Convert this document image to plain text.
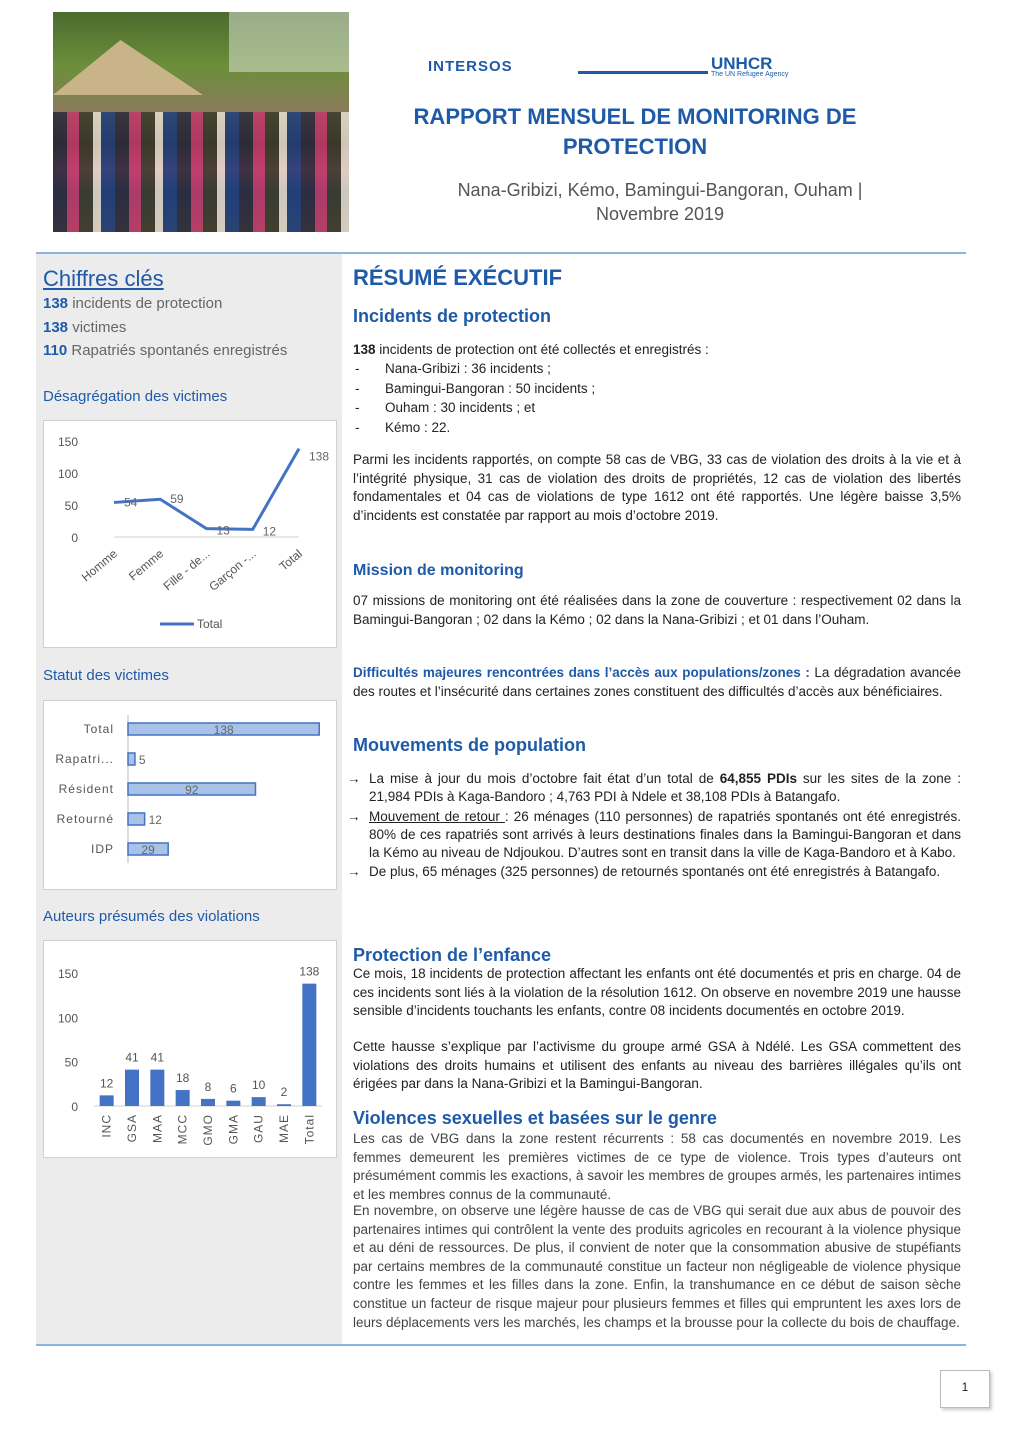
INTERSOS	UNHCR
The UN Refugee Agency
RAPPORT MENSUEL DE MONITORING DE
PROTECTION
Nana-Gribizi, Kémo, Bamingui-Bangoran, Ouham |
Novembre 2019
Chiffres clés
138 incidents de protection
138 victimes
110 Rapatriés spontanés enregistrés
Désagrégation des victimes
0
50
100
150
54	59
13	12
138
Homme Femme
Fille - de...
Garçon -... Total
Total
Statut des victimes
Total	138
Rapatri... 5
Résident	92
Retourné	12
IDP 29
Auteurs présumés des violations
0
50
100
150
12
INC
41
GSA
41
MAA
18
MCC
8
GMO
6
GMA
10
GAU
2
MAE
138
Total
RÉSUMÉ EXÉCUTIF
Incidents de protection
138 incidents de protection ont été collectés et enregistrés :
- Nana-Gribizi : 36 incidents ;
- Bamingui-Bangoran : 50 incidents ;
- Ouham : 30 incidents ; et
- Kémo : 22.
Parmi les incidents rapportés, on compte 58 cas de VBG, 33 cas de violation des droits à la vie et à l’intégrité physique, 31 cas de violation des droits de propriétés, 12 cas de violation des libertés fondamentales et 04 cas de violations de type 1612 ont été rapportés. Une légère baisse 3,5% d’incidents est constatée par rapport au mois d’octobre 2019.
Mission de monitoring
07 missions de monitoring ont été réalisées dans la zone de couverture : respectivement 02 dans la Bamingui-Bangoran ; 02 dans la Kémo ; 02 dans la Nana-Gribizi ; et 01 dans l’Ouham.
Difficultés majeures rencontrées dans l’accès aux populations/zones : La dégradation avancée des routes et l’insécurité dans certaines zones constituent des difficultés d’accès aux bénéficiaires.
Mouvements de population
→ La mise à jour du mois d’octobre fait état d’un total de 64,855 PDIs sur les sites de la zone : 21,984 PDIs à Kaga-Bandoro ; 4,763 PDI à Ndele et 38,108 PDIs à Batangafo.
→ Mouvement de retour : 26 ménages (110 personnes) de rapatriés spontanés ont été enregistrés. 80% de ces rapatriés sont arrivés à leurs destinations finales dans la Bamingui-Bangoran et dans la Kémo au niveau de Ndjoukou. D’autres sont en transit dans la ville de Kaga-Bandoro et à Kabo.
→ De plus, 65 ménages (325 personnes) de retournés spontanés ont été enregistrés à Batangafo.
Protection de l’enfance
Ce mois, 18 incidents de protection affectant les enfants ont été documentés et pris en charge. 04 de ces incidents sont liés à la violation de la résolution 1612. On observe en novembre 2019 une hausse sensible d’incidents touchants les enfants, contre 08 incidents documentés en octobre 2019.
Cette hausse s’explique par l’activisme du groupe armé GSA à Ndélé. Les GSA commettent des violations des droits humains et utilisent des enfants au niveau des barrières illégales qu’ils ont érigées par dans la Nana-Gribizi et la Bamingui-Bangoran.
Violences sexuelles et basées sur le genre
Les cas de VBG dans la zone restent récurrents : 58 cas documentés en novembre 2019. Les femmes demeurent les premières victimes de ce type de violence. Trois types d’auteurs ont présumément commis les exactions, à savoir les membres de groupes armés, les partenaires intimes et les membres connus de la communauté.
En novembre, on observe une légère hausse de cas de VBG qui serait due aux abus de pouvoir des partenaires intimes qui contrôlent la vente des produits agricoles en recourant à la violence physique et au déni de ressources. De plus, il convient de noter que la consommation abusive de stupéfiants par certains membres de la communauté constitue un facteur non négligeable de violence physique contre les femmes et les filles dans la zone. Enfin, la transhumance en ce début de saison sèche constitue un facteur de risque majeur pour plusieurs femmes et filles qui empruntent les axes lors de leurs déplacements vers les marchés, les champs et la brousse pour la collecte du bois de chauffage.
1
